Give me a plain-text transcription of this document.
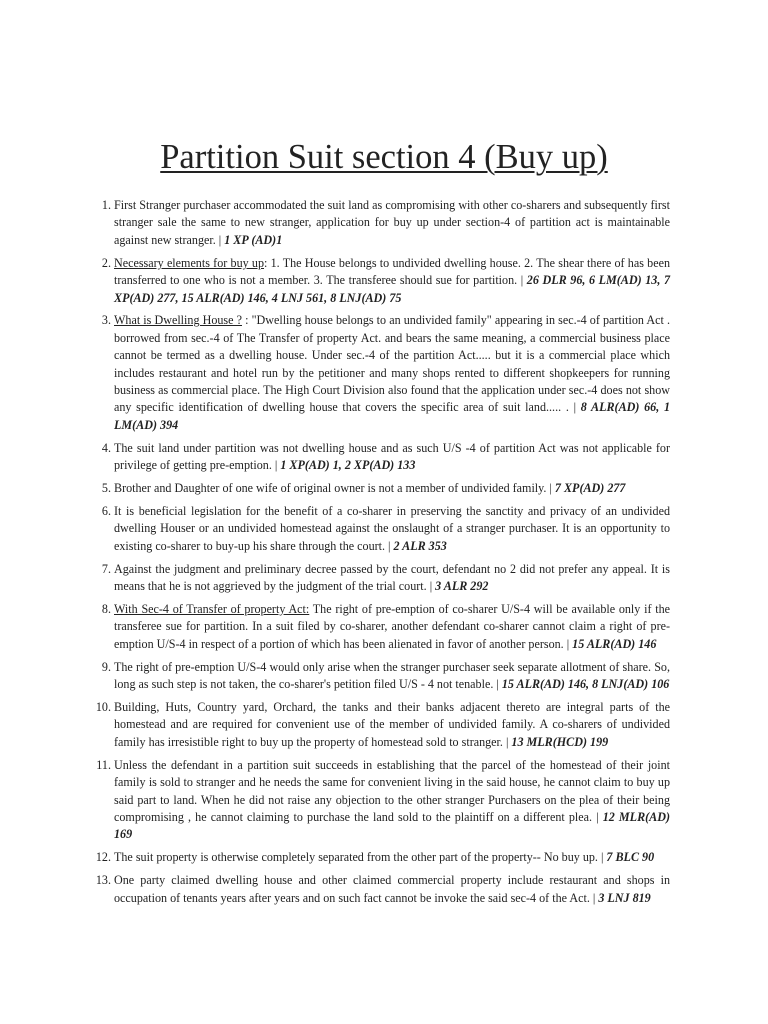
Partition Suit section 4 (Buy up)
1. First Stranger purchaser accommodated the suit land as compromising with other co-sharers and subsequently first stranger sale the same to new stranger, application for buy up under section-4 of partition act is maintainable against new stranger. | 1 XP (AD)1
2. Necessary elements for buy up: 1. The House belongs to undivided dwelling house. 2. The shear there of has been transferred to one who is not a member. 3. The transferee should sue for partition. | 26 DLR 96, 6 LM(AD) 13, 7 XP(AD) 277, 15 ALR(AD) 146, 4 LNJ 561, 8 LNJ(AD) 75
3. What is Dwelling House ? : "Dwelling house belongs to an undivided family" appearing in sec.-4 of partition Act . borrowed from sec.-4 of The Transfer of property Act. and bears the same meaning, a commercial business place cannot be termed as a dwelling house. Under sec.-4 of the partition Act..... but it is a commercial place which includes restaurant and hotel run by the petitioner and many shops rented to different shopkeepers for running business as commercial place. The High Court Division also found that the application under sec.-4 does not show any specific identification of dwelling house that covers the specific area of suit land..... . | 8 ALR(AD) 66, 1 LM(AD) 394
4. The suit land under partition was not dwelling house and as such U/S -4 of partition Act was not applicable for privilege of getting pre-emption. | 1 XP(AD) 1, 2 XP(AD) 133
5. Brother and Daughter of one wife of original owner is not a member of undivided family. | 7 XP(AD) 277
6. It is beneficial legislation for the benefit of a co-sharer in preserving the sanctity and privacy of an undivided dwelling Houser or an undivided homestead against the onslaught of a stranger purchaser. It is an opportunity to existing co-sharer to buy-up his share through the court. | 2 ALR 353
7. Against the judgment and preliminary decree passed by the court, defendant no 2 did not prefer any appeal. It is means that he is not aggrieved by the judgment of the trial court. | 3 ALR 292
8. With Sec-4 of Transfer of property Act: The right of pre-emption of co-sharer U/S-4 will be available only if the transferee sue for partition. In a suit filed by co-sharer, another defendant co-sharer cannot claim a right of pre-emption U/S-4 in respect of a portion of which has been alienated in favor of another person. | 15 ALR(AD) 146
9. The right of pre-emption U/S-4 would only arise when the stranger purchaser seek separate allotment of share. So, long as such step is not taken, the co-sharer's petition filed U/S - 4 not tenable. | 15 ALR(AD) 146, 8 LNJ(AD) 106
10. Building, Huts, Country yard, Orchard, the tanks and their banks adjacent thereto are integral parts of the homestead and are required for convenient use of the member of undivided family. A co-sharers of undivided family has irresistible right to buy up the property of homestead sold to stranger. | 13 MLR(HCD) 199
11. Unless the defendant in a partition suit succeeds in establishing that the parcel of the homestead of their joint family is sold to stranger and he needs the same for convenient living in the said house, he cannot claim to buy up said part to land. When he did not raise any objection to the other stranger Purchasers on the plea of their being compromising , he cannot claiming to purchase the land sold to the plaintiff on a different plea. | 12 MLR(AD) 169
12. The suit property is otherwise completely separated from the other part of the property-- No buy up. | 7 BLC 90
13. One party claimed dwelling house and other claimed commercial property include restaurant and shops in occupation of tenants years after years and on such fact cannot be invoke the said sec-4 of the Act. | 3 LNJ 819
